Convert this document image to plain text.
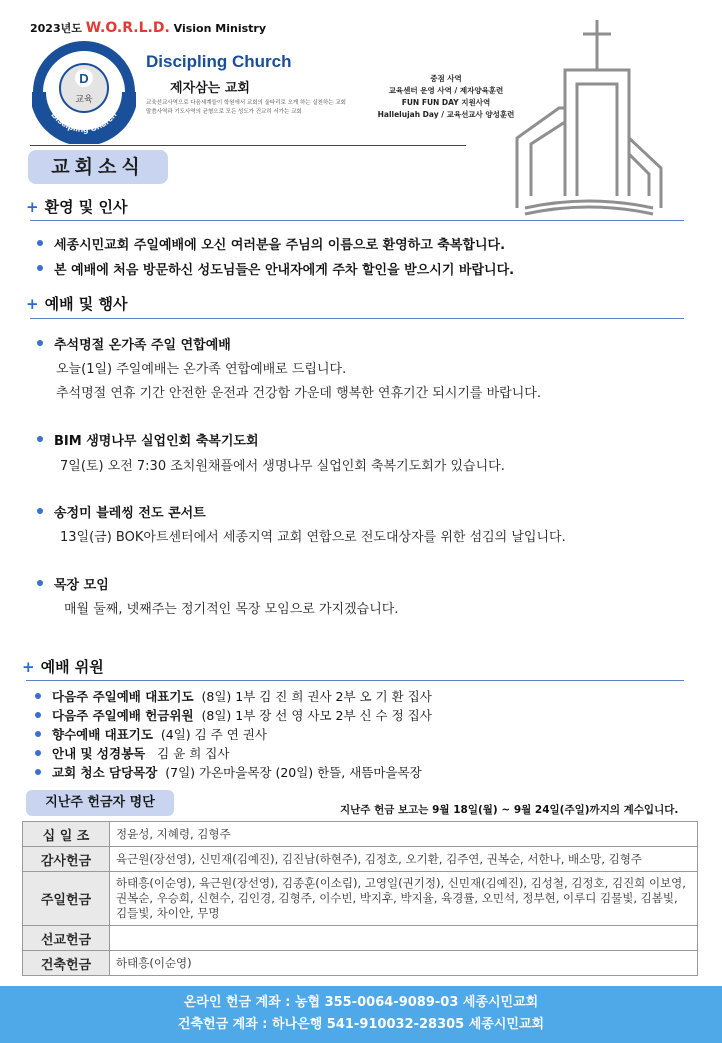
2023년도 W.O.R.L.D. Vision Ministry
D
교육
Discipling Church
Discipling Church
제자삼는 교회
교육선교사역으로 다음세계들이 학원에서 교회의 울타리로 오게 하는 실천하는 교회
말씀사역과 기도사역의 균형으로 모든 성도가 건교히 서가는 교회
중점 사역
교육센터 운영 사역 / 제자양육훈련
FUN FUN DAY 지원사역
Hallelujah Day / 교육선교사 양성훈련
교회소식
+ 환영 및 인사
세종시민교회 주일예배에 오신 여러분을 주님의 이름으로 환영하고 축복합니다.
본 예배에 처음 방문하신 성도님들은 안내자에게 주차 할인을 받으시기 바랍니다.
+ 예배 및 행사
추석명절 온가족 주일 연합예배
오늘(1일) 주일예배는 온가족 연합예배로 드립니다.
추석명절 연휴 기간 안전한 운전과 건강함 가운데 행복한 연휴기간 되시기를 바랍니다.
BIM 생명나무 실업인회 축복기도회
7일(토) 오전 7:30 조치원채플에서 생명나무 실업인회 축복기도회가 있습니다.
송정미 블레씽 전도 콘서트
13일(금) BOK아트센터에서 세종지역 교회 연합으로 전도대상자를 위한 섬김의 날입니다.
목장 모임
매월 둘째, 넷째주는 정기적인 목장 모임으로 가지겠습니다.
+ 예배 위원
다음주 주일예배 대표기도 (8일) 1부 김 진 희 권사 2부 오 기 환 집사
다음주 주일예배 헌금위원 (8일) 1부 장 선 영 사모 2부 신 수 정 집사
향수예배 대표기도 (4일) 김 주 연 권사
안내 및 성경봉독   김 윤 희 집사
교회 청소 담당목장 (7일) 가온마을목장 (20일) 한뜰, 새뜸마을목장
지난주 헌금자 명단	지난주 헌금 보고는 9월 18일(월) ~ 9월 24일(주일)까지의 계수입니다.
십 일 조	정윤성, 지혜령, 김형주
감사헌금	육근원(장선영), 신민재(김예진), 김진남(하현주), 김정호, 오기환, 김주연, 권복순, 서한나, 배소망, 김형주
주일헌금	하태흥(이순영), 육근원(장선영), 김종훈(이소림), 고영일(권기정), 신민재(김예진), 김성철, 김정호, 김진희 이보영, 권복순, 우승희, 신현수, 김인경, 김형주, 이수빈, 박지후, 박지율, 육경률, 오민석, 정부현, 이루디 김물빛, 김봄빛, 김들빛, 차이안, 무명
선교헌금	
건축헌금	하태흥(이순영)
온라인 헌금 계좌 : 농협 355-0064-9089-03 세종시민교회
건축헌금 계좌 : 하나은행 541-910032-28305 세종시민교회
